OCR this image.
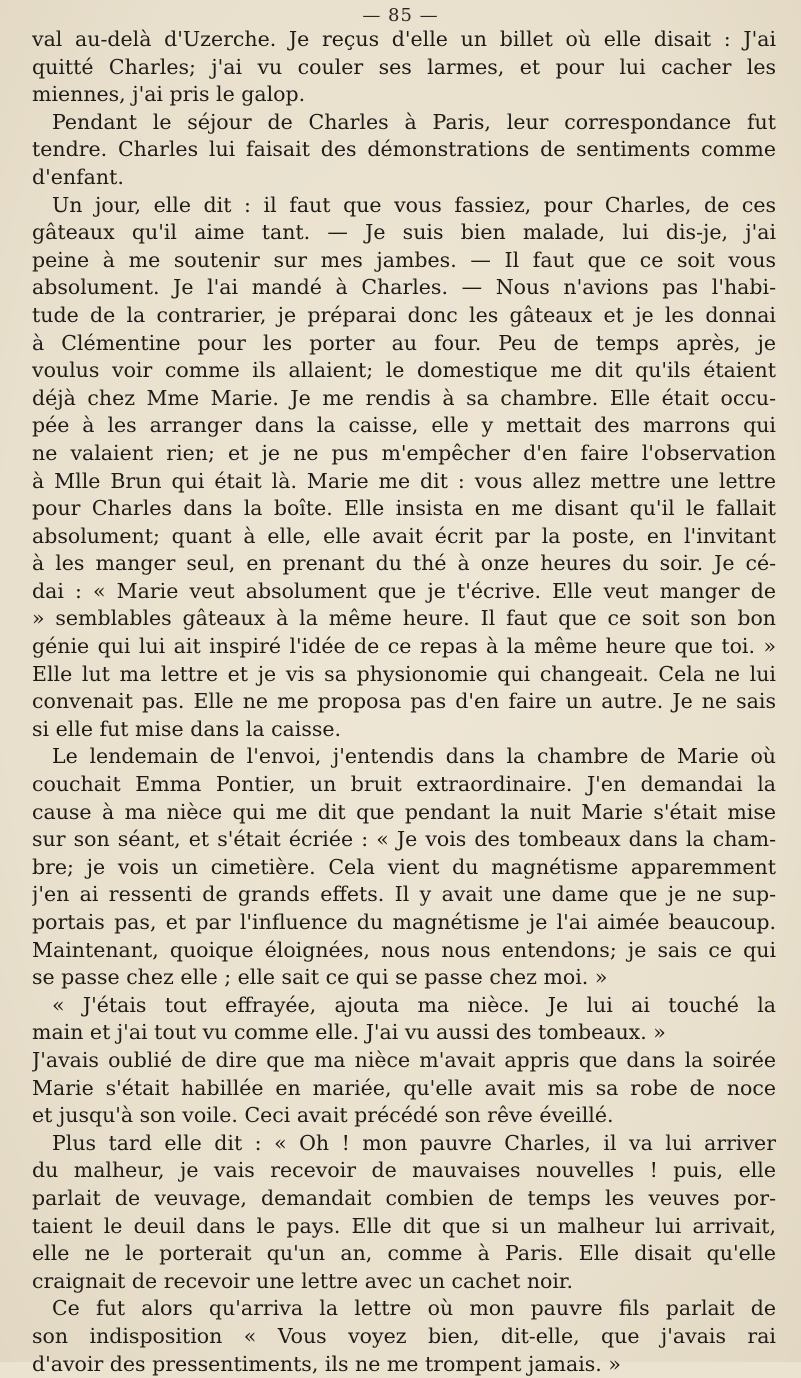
— 85 —
val au-delà d'Uzerche. Je reçus d'elle un billet où elle disait : J'ai
quitté Charles; j'ai vu couler ses larmes, et pour lui cacher les
miennes, j'ai pris le galop.
Pendant le séjour de Charles à Paris, leur correspondance fut
tendre. Charles lui faisait des démonstrations de sentiments comme
d'enfant.
Un jour, elle dit : il faut que vous fassiez, pour Charles, de ces
gâteaux qu'il aime tant. — Je suis bien malade, lui dis-je, j'ai
peine à me soutenir sur mes jambes. — Il faut que ce soit vous
absolument. Je l'ai mandé à Charles. — Nous n'avions pas l'habi-
tude de la contrarier, je préparai donc les gâteaux et je les donnai
à Clémentine pour les porter au four. Peu de temps après, je
voulus voir comme ils allaient; le domestique me dit qu'ils étaient
déjà chez Mme Marie. Je me rendis à sa chambre. Elle était occu-
pée à les arranger dans la caisse, elle y mettait des marrons qui
ne valaient rien; et je ne pus m'empêcher d'en faire l'observation
à Mlle Brun qui était là. Marie me dit : vous allez mettre une lettre
pour Charles dans la boîte. Elle insista en me disant qu'il le fallait
absolument; quant à elle, elle avait écrit par la poste, en l'invitant
à les manger seul, en prenant du thé à onze heures du soir. Je cé-
dai : « Marie veut absolument que je t'écrive. Elle veut manger de
» semblables gâteaux à la même heure. Il faut que ce soit son bon
génie qui lui ait inspiré l'idée de ce repas à la même heure que toi. »
Elle lut ma lettre et je vis sa physionomie qui changeait. Cela ne lui
convenait pas. Elle ne me proposa pas d'en faire un autre. Je ne sais
si elle fut mise dans la caisse.
Le lendemain de l'envoi, j'entendis dans la chambre de Marie où
couchait Emma Pontier, un bruit extraordinaire. J'en demandai la
cause à ma nièce qui me dit que pendant la nuit Marie s'était mise
sur son séant, et s'était écriée : « Je vois des tombeaux dans la cham-
bre; je vois un cimetière. Cela vient du magnétisme apparemment
j'en ai ressenti de grands effets. Il y avait une dame que je ne sup-
portais pas, et par l'influence du magnétisme je l'ai aimée beaucoup.
Maintenant, quoique éloignées, nous nous entendons; je sais ce qui
se passe chez elle ; elle sait ce qui se passe chez moi. »
« J'étais tout effrayée, ajouta ma nièce. Je lui ai touché la
main et j'ai tout vu comme elle. J'ai vu aussi des tombeaux. »
J'avais oublié de dire que ma nièce m'avait appris que dans la soirée
Marie s'était habillée en mariée, qu'elle avait mis sa robe de noce
et jusqu'à son voile. Ceci avait précédé son rêve éveillé.
Plus tard elle dit : « Oh ! mon pauvre Charles, il va lui arriver
du malheur, je vais recevoir de mauvaises nouvelles ! puis, elle
parlait de veuvage, demandait combien de temps les veuves por-
taient le deuil dans le pays. Elle dit que si un malheur lui arrivait,
elle ne le porterait qu'un an, comme à Paris. Elle disait qu'elle
craignait de recevoir une lettre avec un cachet noir.
Ce fut alors qu'arriva la lettre où mon pauvre fils parlait de
son indisposition « Vous voyez bien, dit-elle, que j'avais rai
d'avoir des pressentiments, ils ne me trompent jamais. »
